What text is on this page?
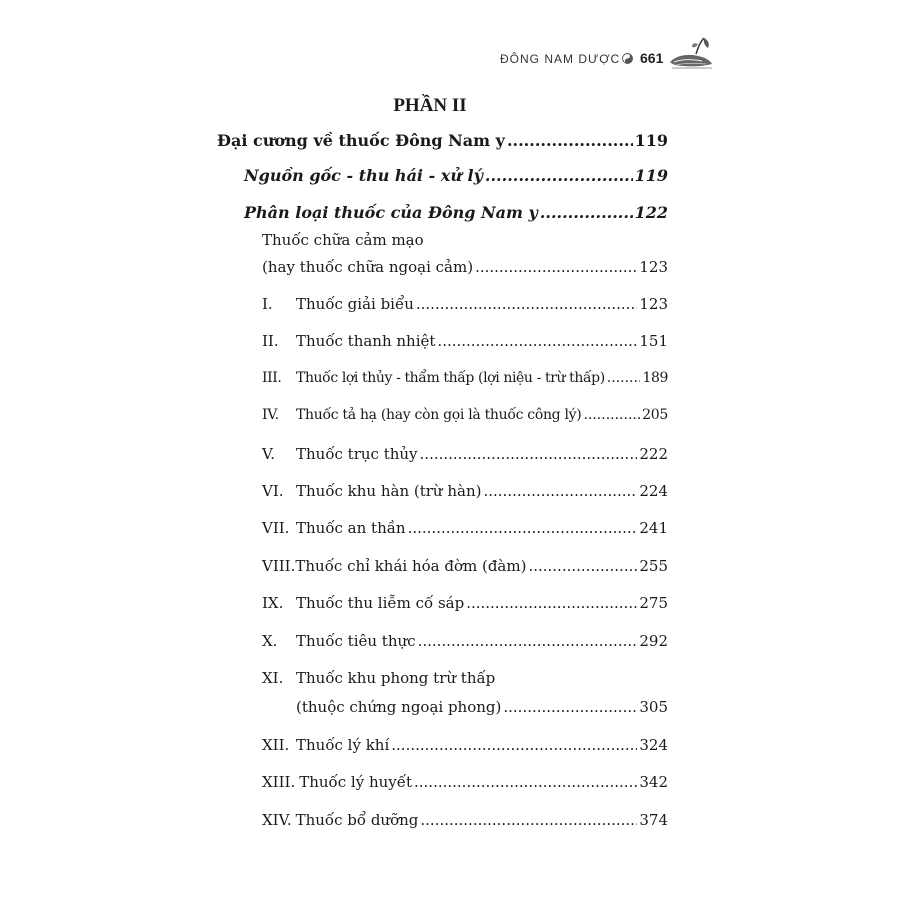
ĐÔNG NAM DƯỢC 661
PHẦN II
Đại cương về thuốc Đông Nam y .....	119
Nguồn gốc - thu hái - xử lý .....	119
Phân loại thuốc của Đông Nam y .....	122
Thuốc chữa cảm mạo
(hay thuốc chữa ngoại cảm) .....	123
I.	Thuốc giải biểu .....	123
II.	Thuốc thanh nhiệt .....	151
III.	Thuốc lợi thủy - thẩm thấp (lợi niệu - trừ thấp) .....	189
IV.	Thuốc tả hạ (hay còn gọi là thuốc công lý) .....	205
V.	Thuốc trục thủy .....	222
VI. Thuốc khu hàn (trừ hàn) .....	224
VII. Thuốc an thần .....	241
VIII. Thuốc chỉ khái hóa đờm (đàm) .....	255
IX. Thuốc thu liễm cố sáp .....	275
X.	Thuốc tiêu thực .....	292
XI. Thuốc khu phong trừ thấp
(thuộc chứng ngoại phong) .....	305
XII. Thuốc lý khí .....	324
XIII. Thuốc lý huyết .....	342
XIV. Thuốc bổ dưỡng .....	374
